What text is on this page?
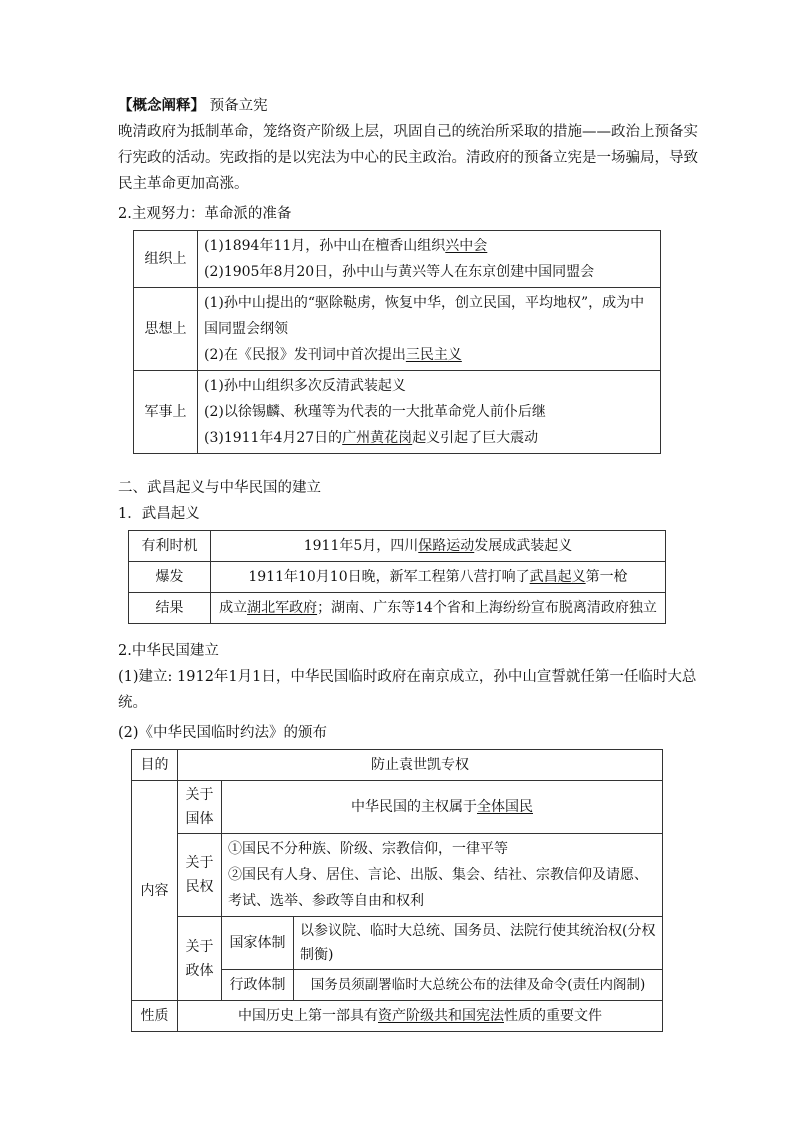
【概念阐释】 预备立宪
晚清政府为抵制革命，笼络资产阶级上层，巩固自己的统治所采取的措施——政治上预备实
行宪政的活动。宪政指的是以宪法为中心的民主政治。清政府的预备立宪是一场骗局，导致
民主革命更加高涨。
2.主观努力：革命派的准备
组织上	(1)1894年11月，孙中山在檀香山组织兴中会
(2)1905年8月20日，孙中山与黄兴等人在东京创建中国同盟会

思想上	(1)孙中山提出的“驱除鞑虏，恢复中华，创立民国，平均地权”，成为中
国同盟会纲领
(2)在《民报》发刊词中首次提出三民主义

军事上	(1)孙中山组织多次反清武装起义
(2)以徐锡麟、秋瑾等为代表的一大批革命党人前仆后继
(3)1911年4月27日的广州黄花岗起义引起了巨大震动
二、武昌起义与中华民国的建立
1．武昌起义
有利时机	1911年5月，四川保路运动发展成武装起义
爆发	1911年10月10日晚，新军工程第八营打响了武昌起义第一枪
结果	成立湖北军政府；湖南、广东等14个省和上海纷纷宣布脱离清政府独立
2.中华民国建立
(1)建立: 1912年1月1日，中华民国临时政府在南京成立，孙中山宣誓就任第一任临时大总
统。
(2)《中华民国临时约法》的颁布
目的	防止袁世凯专权		
内容	关于国体	中华民国的主权属于全体国民	
	关于民权	①国民不分种族、阶级、宗教信仰，一律平等
②国民有人身、居住、言论、出版、集会、结社、宗教信仰及请愿、
考试、选举、参政等自由和权利	

	关于政体	国家体制	以参议院、临时大总统、国务员、法院行使其统治权(分权制衡)
		行政体制	国务员须副署临时大总统公布的法律及命令(责任内阁制)
性质	中国历史上第一部具有资产阶级共和国宪法性质的重要文件		
